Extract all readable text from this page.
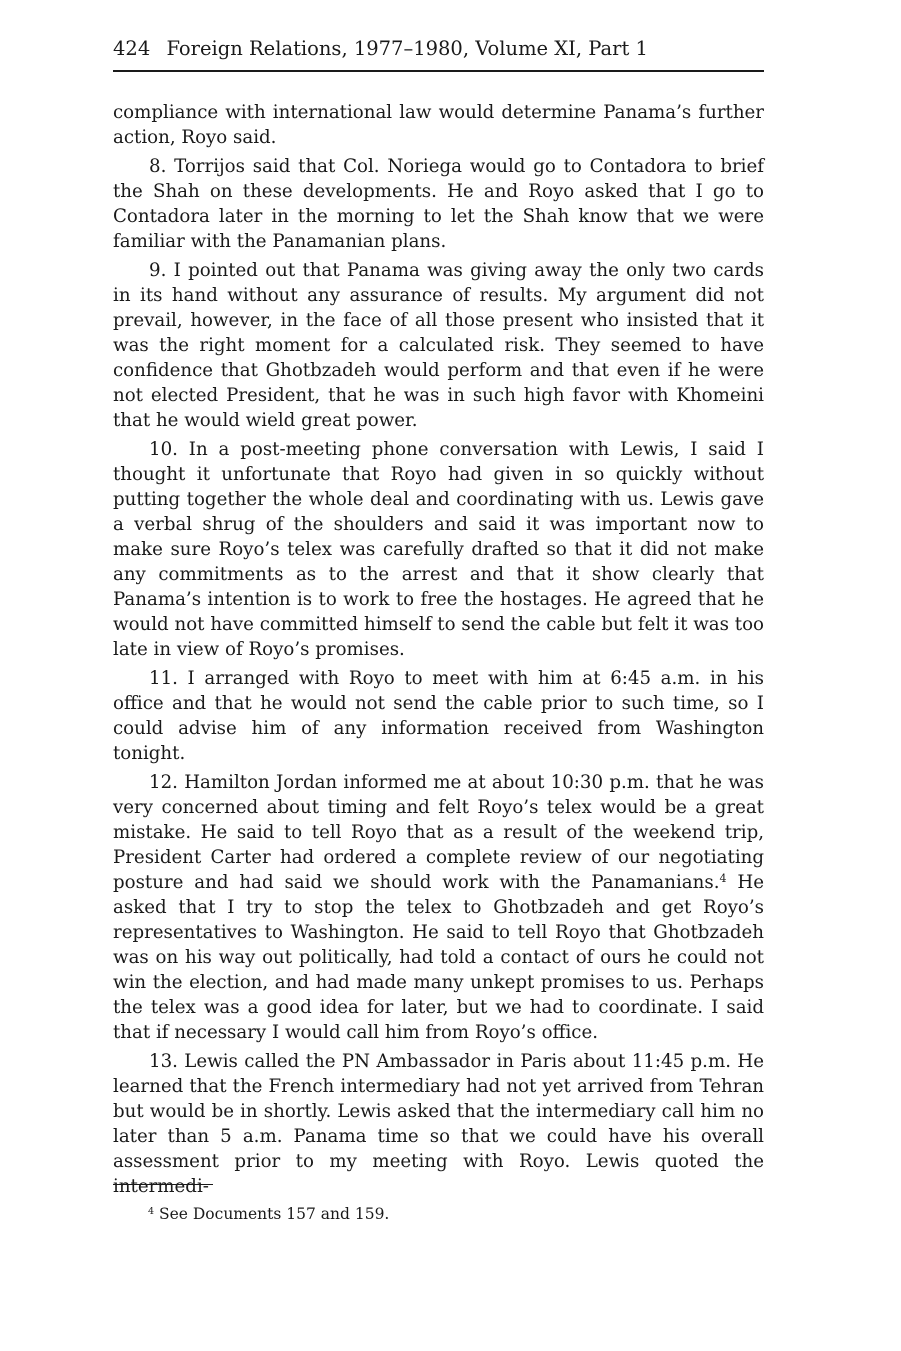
424 Foreign Relations, 1977–1980, Volume XI, Part 1

compliance with international law would determine Panama’s further action, Royo said.

8. Torrijos said that Col. Noriega would go to Contadora to brief the Shah on these developments. He and Royo asked that I go to Contadora later in the morning to let the Shah know that we were familiar with the Panamanian plans.

9. I pointed out that Panama was giving away the only two cards in its hand without any assurance of results. My argument did not prevail, however, in the face of all those present who insisted that it was the right moment for a calculated risk. They seemed to have confidence that Ghotbzadeh would perform and that even if he were not elected President, that he was in such high favor with Khomeini that he would wield great power.

10. In a post-meeting phone conversation with Lewis, I said I thought it unfortunate that Royo had given in so quickly without putting together the whole deal and coordinating with us. Lewis gave a verbal shrug of the shoulders and said it was important now to make sure Royo’s telex was carefully drafted so that it did not make any commitments as to the arrest and that it show clearly that Panama’s intention is to work to free the hostages. He agreed that he would not have committed himself to send the cable but felt it was too late in view of Royo’s promises.

11. I arranged with Royo to meet with him at 6:45 a.m. in his office and that he would not send the cable prior to such time, so I could advise him of any information received from Washington tonight.

12. Hamilton Jordan informed me at about 10:30 p.m. that he was very concerned about timing and felt Royo’s telex would be a great mistake. He said to tell Royo that as a result of the weekend trip, President Carter had ordered a complete review of our negotiating posture and had said we should work with the Panamanians.$^4$ He asked that I try to stop the telex to Ghotbzadeh and get Royo’s representatives to Washington. He said to tell Royo that Ghotbzadeh was on his way out politically, had told a contact of ours he could not win the election, and had made many unkept promises to us. Perhaps the telex was a good idea for later, but we had to coordinate. I said that if necessary I would call him from Royo’s office.

13. Lewis called the PN Ambassador in Paris about 11:45 p.m. He learned that the French intermediary had not yet arrived from Tehran but would be in shortly. Lewis asked that the intermediary call him no later than 5 a.m. Panama time so that we could have his overall assessment prior to my meeting with Royo. Lewis quoted the intermedi-

$^4$ See Documents 157 and 159.
